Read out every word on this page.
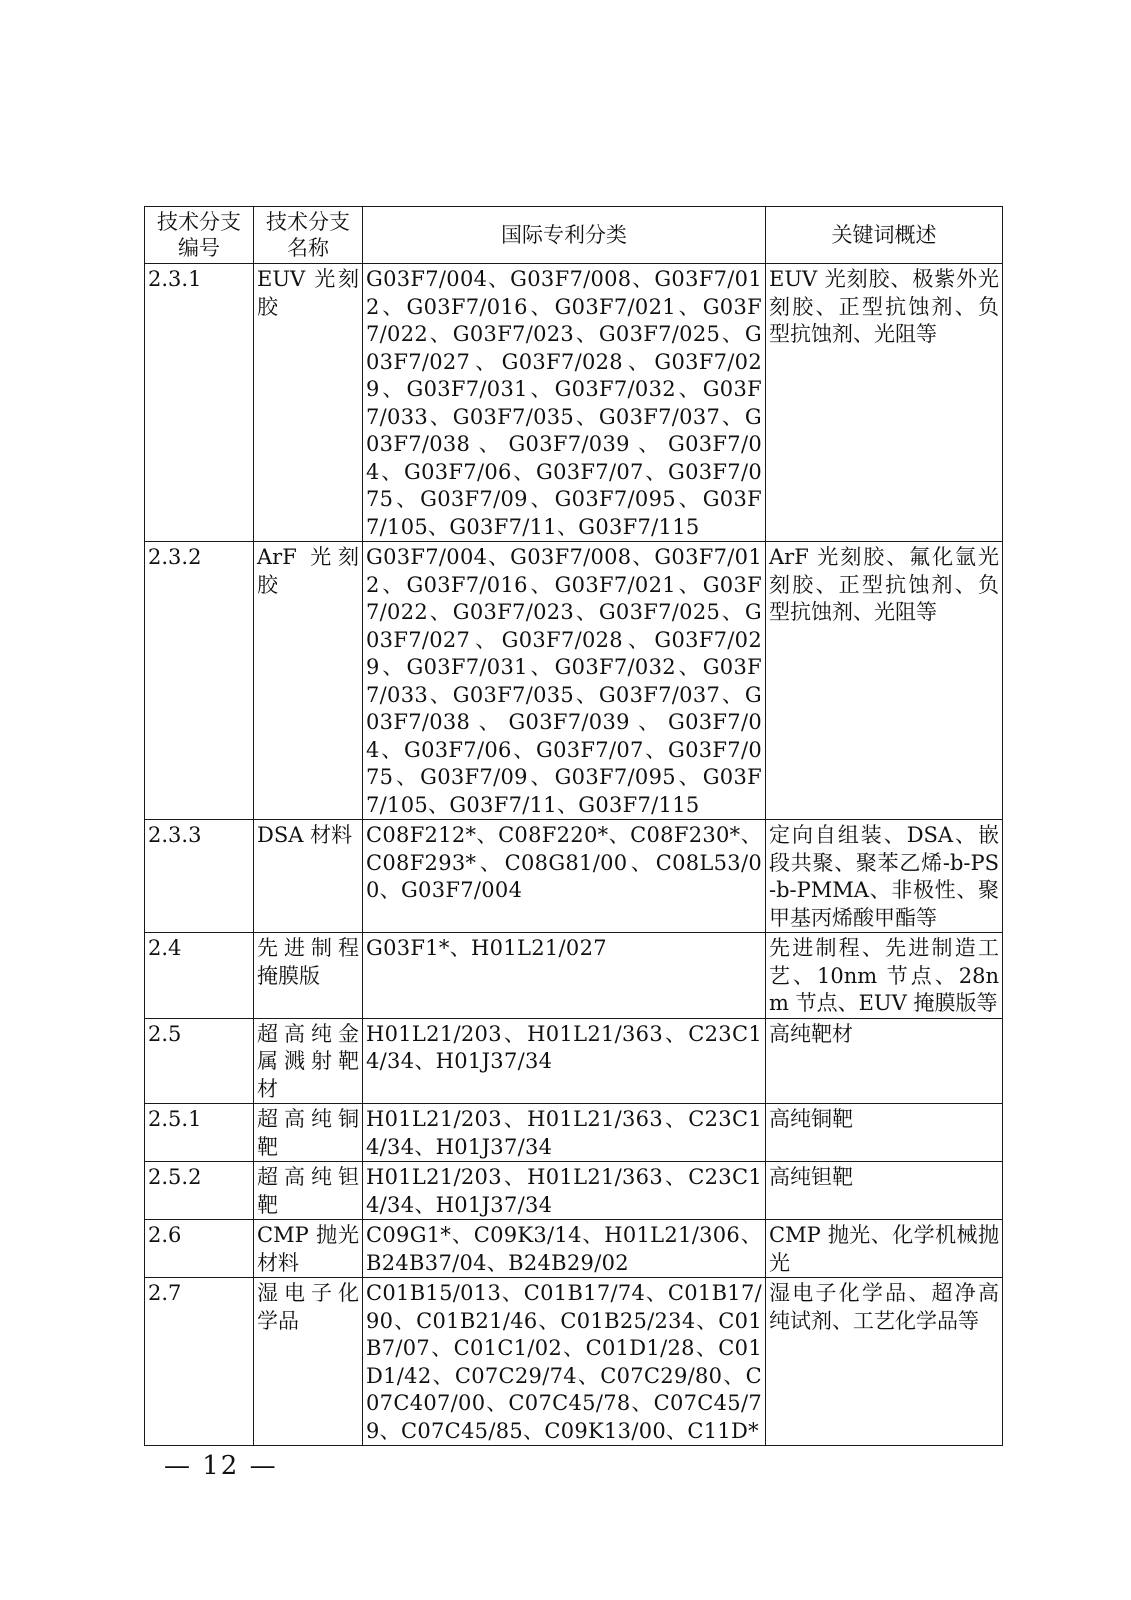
技术分支编号	技术分支名称	国际专利分类	关键词概述
2.3.1	EUV 光刻胶	G03F7/004、G03F7/008、G03F7/012、G03F7/016、G03F7/021、G03F7/022、G03F7/023、G03F7/025、G03F7/027、G03F7/028、G03F7/029、G03F7/031、G03F7/032、G03F7/033、G03F7/035、G03F7/037、G03F7/038、G03F7/039、G03F7/04、G03F7/06、G03F7/07、G03F7/075、G03F7/09、G03F7/095、G03F7/105、G03F7/11、G03F7/115	EUV 光刻胶、极紫外光刻胶、正型抗蚀剂、负型抗蚀剂、光阻等
2.3.2	ArF 光刻胶	G03F7/004、G03F7/008、G03F7/012、G03F7/016、G03F7/021、G03F7/022、G03F7/023、G03F7/025、G03F7/027、G03F7/028、G03F7/029、G03F7/031、G03F7/032、G03F7/033、G03F7/035、G03F7/037、G03F7/038、G03F7/039、G03F7/04、G03F7/06、G03F7/07、G03F7/075、G03F7/09、G03F7/095、G03F7/105、G03F7/11、G03F7/115	ArF 光刻胶、氟化氩光刻胶、正型抗蚀剂、负型抗蚀剂、光阻等
2.3.3	DSA 材料	C08F212*、C08F220*、C08F230*、C08F293*、C08G81/00、C08L53/00、G03F7/004	定向自组装、DSA、嵌段共聚、聚苯乙烯-b-PS-b-PMMA、非极性、聚甲基丙烯酸甲酯等
2.4	先进制程掩膜版	G03F1*、H01L21/027	先进制程、先进制造工艺、10nm 节点、28nm 节点、EUV 掩膜版等
2.5	超高纯金属溅射靶材	H01L21/203、H01L21/363、C23C14/34、H01J37/34	高纯靶材
2.5.1	超高纯铜靶	H01L21/203、H01L21/363、C23C14/34、H01J37/34	高纯铜靶
2.5.2	超高纯钽靶	H01L21/203、H01L21/363、C23C14/34、H01J37/34	高纯钽靶
2.6	CMP 抛光材料	C09G1*、C09K3/14、H01L21/306、B24B37/04、B24B29/02	CMP 抛光、化学机械抛光
2.7	湿电子化学品	C01B15/013、C01B17/74、C01B17/90、C01B21/46、C01B25/234、C01B7/07、C01C1/02、C01D1/28、C01D1/42、C07C29/74、C07C29/80、C07C407/00、C07C45/78、C07C45/79、C07C45/85、C09K13/00、C11D*	湿电子化学品、超净高纯试剂、工艺化学品等
— 12 —
